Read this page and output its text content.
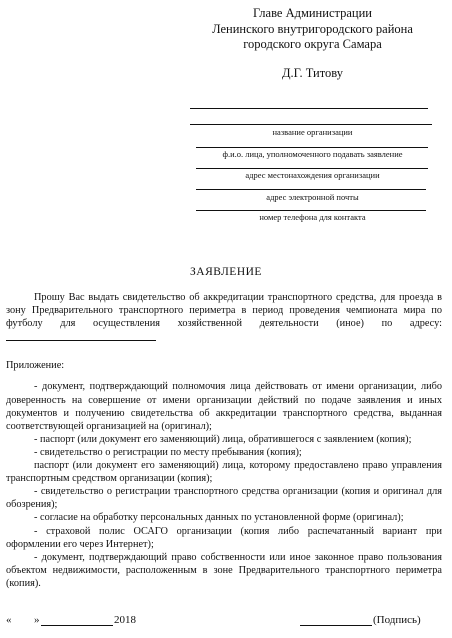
Главе Администрации
Ленинского внутригородского района
городского округа Самара
Д.Г. Титову
название организации
ф.и.о. лица, уполномоченного подавать заявление
адрес местонахождения организации
адрес электронной почты
номер телефона для контакта
ЗАЯВЛЕНИЕ

Прошу Вас выдать свидетельство об аккредитации транспортного средства, для проезда в зону Предварительного транспортного периметра в период проведения чемпионата мира по футболу для осуществления хозяйственной деятельности (иное) по адресу:

Приложение:

- документ, подтверждающий полномочия лица действовать от имени организации, либо доверенность на совершение от имени организации действий по подаче заявления и иных документов и получению свидетельства об аккредитации транспортного средства, выданная соответствующей организацией на (оригинал);

- паспорт (или документ его заменяющий) лица, обратившегося с заявлением (копия);

- свидетельство о регистрации по месту пребывания (копия);

паспорт (или документ его заменяющий) лица, которому предоставлено право управления транспортным средством организации (копия);

- свидетельство о регистрации транспортного средства организации (копия и оригинал для обозрения);

- согласие на обработку персональных данных по установленной форме (оригинал);

- страховой полис ОСАГО организации (копия либо распечатанный вариант при оформлении его через Интернет);

- документ, подтверждающий право собственности или иное законное право пользования объектом недвижимости, расположенным в зоне Предварительного транспортного периметра (копия).

« »	2018	(Подпись)
